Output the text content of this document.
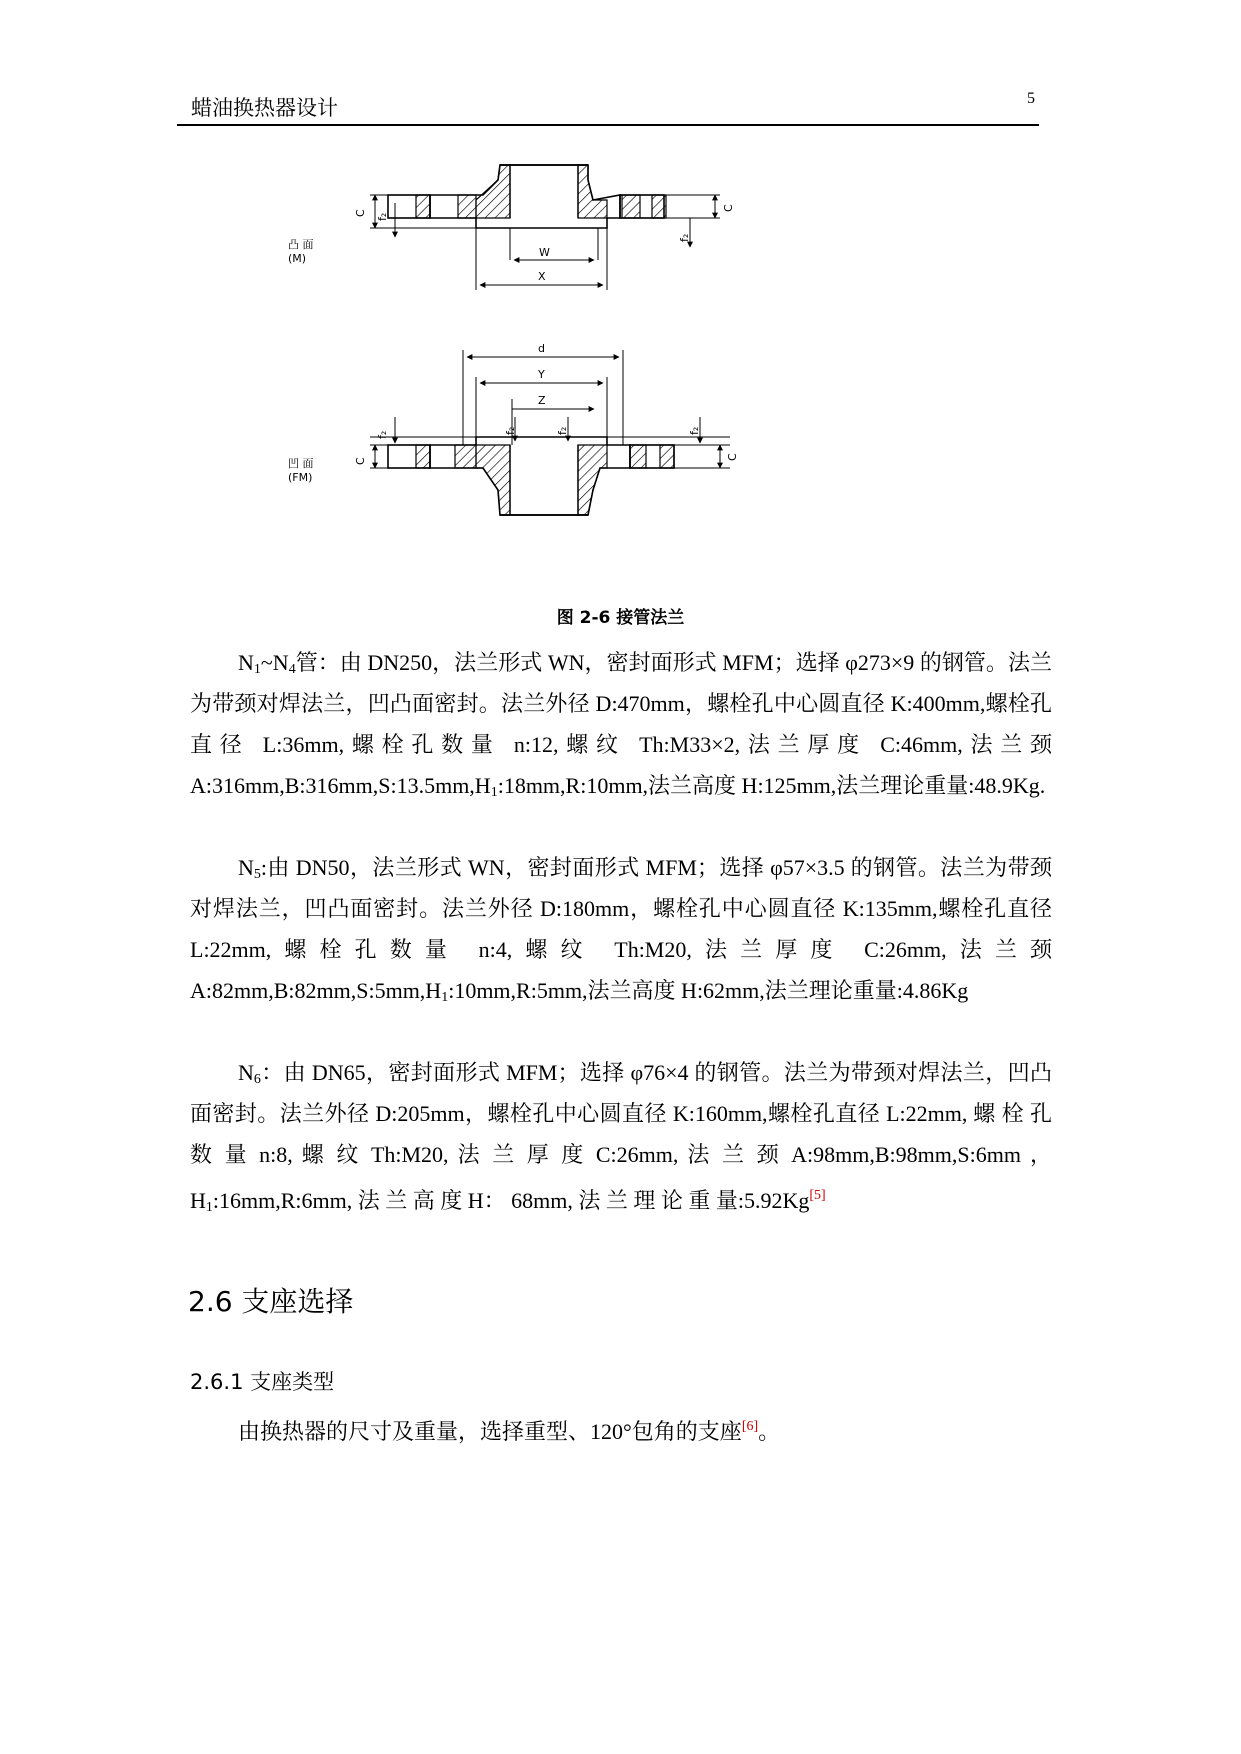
蜡油换热器设计	5
C f₂
C
f₂
W
X
凸 面
(M)
C
f₂	f₂	f₂	f₂
C
d
Y
Z
凹 面
(FM)
图 2-6 接管法兰
$N_1\sim N_4$管：由 DN250，法兰形式 WN，密封面形式 MFM；选择 φ273×9 的钢管。法兰为带颈对焊法兰，凹凸面密封。法兰外径 D:470mm，螺栓孔中心圆直径 K:400mm,螺栓孔直径 L:36mm,螺栓孔数量 n:12,螺纹 Th:M33×2,法兰厚度 C:46mm,法兰颈 $A:316mm,B:316mm,S:13.5mm,H_1:18mm,R:10mm$,法兰高度 H:125mm,法兰理论重量:48.9Kg.
$N_5$:由 DN50，法兰形式 WN，密封面形式 MFM；选择 φ57×3.5 的钢管。法兰为带颈对焊法兰，凹凸面密封。法兰外径 D:180mm，螺栓孔中心圆直径 K:135mm,螺栓孔直径 L:22mm,螺栓孔数量 n:4,螺纹 Th:M20,法兰厚度 C:26mm,法兰颈 $A:82mm,B:82mm,S:5mm,H_1:10mm,R:5mm$,法兰高度 H:62mm,法兰理论重量:4.86Kg
$N_6$：由 DN65，密封面形式 MFM；选择 φ76×4 的钢管。法兰为带颈对焊法兰，凹凸面密封。法兰外径 D:205mm，螺栓孔中心圆直径 K:160mm,螺栓孔直径 L:22mm, 螺 栓 孔 数 量 n:8, 螺 纹 Th:M20, 法 兰 厚 度 C:26mm, 法 兰 颈 A:98mm,B:98mm,S:6mm ， $H_1:16mm,R:6mm$, 法 兰 高 度 H： 68mm, 法 兰 理 论 重 量:5.92Kg[5]
2.6 支座选择
2.6.1 支座类型
由换热器的尺寸及重量，选择重型、120°包角的支座[6]。
